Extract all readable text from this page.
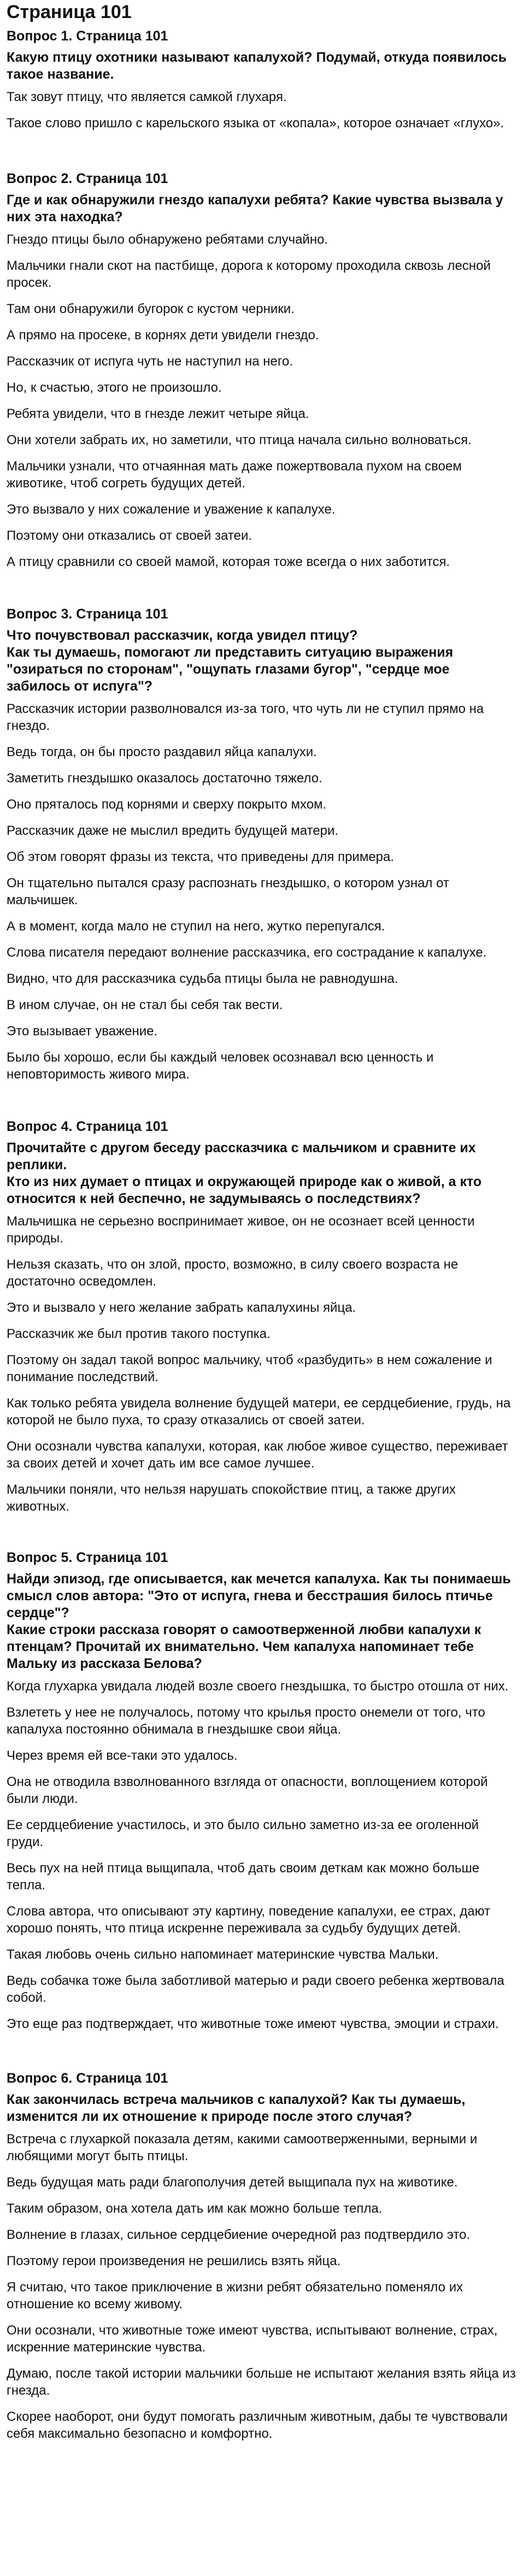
Страница 101
Вопрос 1. Страница 101

Какую птицу охотники называют капалухой? Подумай, откуда появилось такое название.

Так зовут птицу, что является самкой глухаря.

Такое слово пришло с карельского языка от «копала», которое означает «глухо».

Вопрос 2. Страница 101

Где и как обнаружили гнездо капалухи ребята? Какие чувства вызвала у них эта находка?

Гнездо птицы было обнаружено ребятами случайно.

Мальчики гнали скот на пастбище, дорога к которому проходила сквозь лесной просек.

Там они обнаружили бугорок с кустом черники.

А прямо на просеке, в корнях дети увидели гнездо.

Рассказчик от испуга чуть не наступил на него.

Но, к счастью, этого не произошло.

Ребята увидели, что в гнезде лежит четыре яйца.

Они хотели забрать их, но заметили, что птица начала сильно волноваться.

Мальчики узнали, что отчаянная мать даже пожертвовала пухом на своем животике, чтоб согреть будущих детей.

Это вызвало у них сожаление и уважение к капалухе.

Поэтому они отказались от своей затеи.

А птицу сравнили со своей мамой, которая тоже всегда о них заботится.

Вопрос 3. Страница 101

Что почувствовал рассказчик, когда увидел птицу?

Как ты думаешь, помогают ли представить ситуацию выражения "озираться по сторонам", "ощупать глазами бугор", "сердце мое забилось от испуга"?

Рассказчик истории разволновался из-за того, что чуть ли не ступил прямо на гнездо.

Ведь тогда, он бы просто раздавил яйца капалухи.

Заметить гнездышко оказалось достаточно тяжело.

Оно пряталось под корнями и сверху покрыто мхом.

Рассказчик даже не мыслил вредить будущей матери.

Об этом говорят фразы из текста, что приведены для примера.

Он тщательно пытался сразу распознать гнездышко, о котором узнал от мальчишек.

А в момент, когда мало не ступил на него, жутко перепугался.

Слова писателя передают волнение рассказчика, его сострадание к капалухе.

Видно, что для рассказчика судьба птицы была не равнодушна.

В ином случае, он не стал бы себя так вести.

Это вызывает уважение.

Было бы хорошо, если бы каждый человек осознавал всю ценность и неповторимость живого мира.

Вопрос 4. Страница 101

Прочитайте с другом беседу рассказчика с мальчиком и сравните их реплики.

Кто из них думает о птицах и окружающей природе как о живой, а кто относится к ней беспечно, не задумываясь о последствиях?

Мальчишка не серьезно воспринимает живое, он не осознает всей ценности природы.

Нельзя сказать, что он злой, просто, возможно, в силу своего возраста не достаточно осведомлен.

Это и вызвало у него желание забрать капалухины яйца.

Рассказчик же был против такого поступка.

Поэтому он задал такой вопрос мальчику, чтоб «разбудить» в нем сожаление и понимание последствий.

Как только ребята увидела волнение будущей матери, ее сердцебиение, грудь, на которой не было пуха, то сразу отказались от своей затеи.

Они осознали чувства капалухи, которая, как любое живое существо, переживает за своих детей и хочет дать им все самое лучшее.

Мальчики поняли, что нельзя нарушать спокойствие птиц, а также других животных.

Вопрос 5. Страница 101

Найди эпизод, где описывается, как мечется капалуха. Как ты понимаешь смысл слов автора: "Это от испуга, гнева и бесстрашия билось птичье сердце"?

Какие строки рассказа говорят о самоотверженной любви капалухи к птенцам? Прочитай их внимательно. Чем капалуха напоминает тебе Мальку из рассказа Белова?

Когда глухарка увидала людей возле своего гнездышка, то быстро отошла от них.

Взлететь у нее не получалось, потому что крылья просто онемели от того, что капалуха постоянно обнимала в гнездышке свои яйца.

Через время ей все-таки это удалось.

Она не отводила взволнованного взгляда от опасности, воплощением которой были люди.

Ее сердцебиение участилось, и это было сильно заметно из-за ее оголенной груди.

Весь пух на ней птица выщипала, чтоб дать своим деткам как можно больше тепла.

Слова автора, что описывают эту картину, поведение капалухи, ее страх, дают хорошо понять, что птица искренне переживала за судьбу будущих детей.

Такая любовь очень сильно напоминает материнские чувства Мальки.

Ведь собачка тоже была заботливой матерью и ради своего ребенка жертвовала собой.

Это еще раз подтверждает, что животные тоже имеют чувства, эмоции и страхи.

Вопрос 6. Страница 101

Как закончилась встреча мальчиков с капалухой? Как ты думаешь, изменится ли их отношение к природе после этого случая?

Встреча с глухаркой показала детям, какими самоотверженными, верными и любящими могут быть птицы.

Ведь будущая мать ради благополучия детей выщипала пух на животике.

Таким образом, она хотела дать им как можно больше тепла.

Волнение в глазах, сильное сердцебиение очередной раз подтвердило это.

Поэтому герои произведения не решились взять яйца.

Я считаю, что такое приключение в жизни ребят обязательно поменяло их отношение ко всему живому.

Они осознали, что животные тоже имеют чувства, испытывают волнение, страх, искренние материнские чувства.

Думаю, после такой истории мальчики больше не испытают желания взять яйца из гнезда.

Скорее наоборот, они будут помогать различным животным, дабы те чувствовали себя максимально безопасно и комфортно.
